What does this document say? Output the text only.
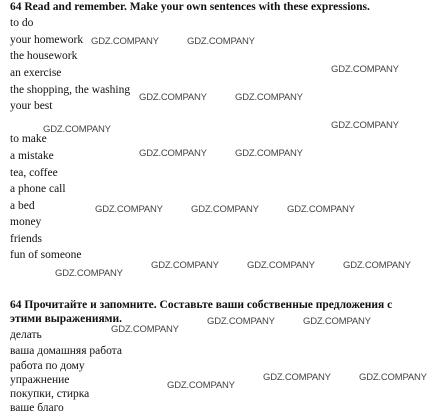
64 Read and remember. Make your own sentences with these expressions.
to do
your homework
the housework
an exercise
the shopping, the washing
your best
to make
a mistake
tea, coffee
a phone call
a bed
money
friends
fun of someone
64 Прочитайте и запомните. Составьте ваши собственные предложения с
этими выражениями.
делать
ваша домашняя работа
работа по дому
упражнение
покупки, стирка
ваше благо
GDZ.COMPANY	GDZ.COMPANY
GDZ.COMPANY
GDZ.COMPANY	GDZ.COMPANY
GDZ.COMPANY	GDZ.COMPANY
GDZ.COMPANY	GDZ.COMPANY
GDZ.COMPANY	GDZ.COMPANY	GDZ.COMPANY
GDZ.COMPANY	GDZ.COMPANY	GDZ.COMPANY
GDZ.COMPANY
GDZ.COMPANY	GDZ.COMPANY
GDZ.COMPANY
GDZ.COMPANY	GDZ.COMPANY
GDZ.COMPANY
